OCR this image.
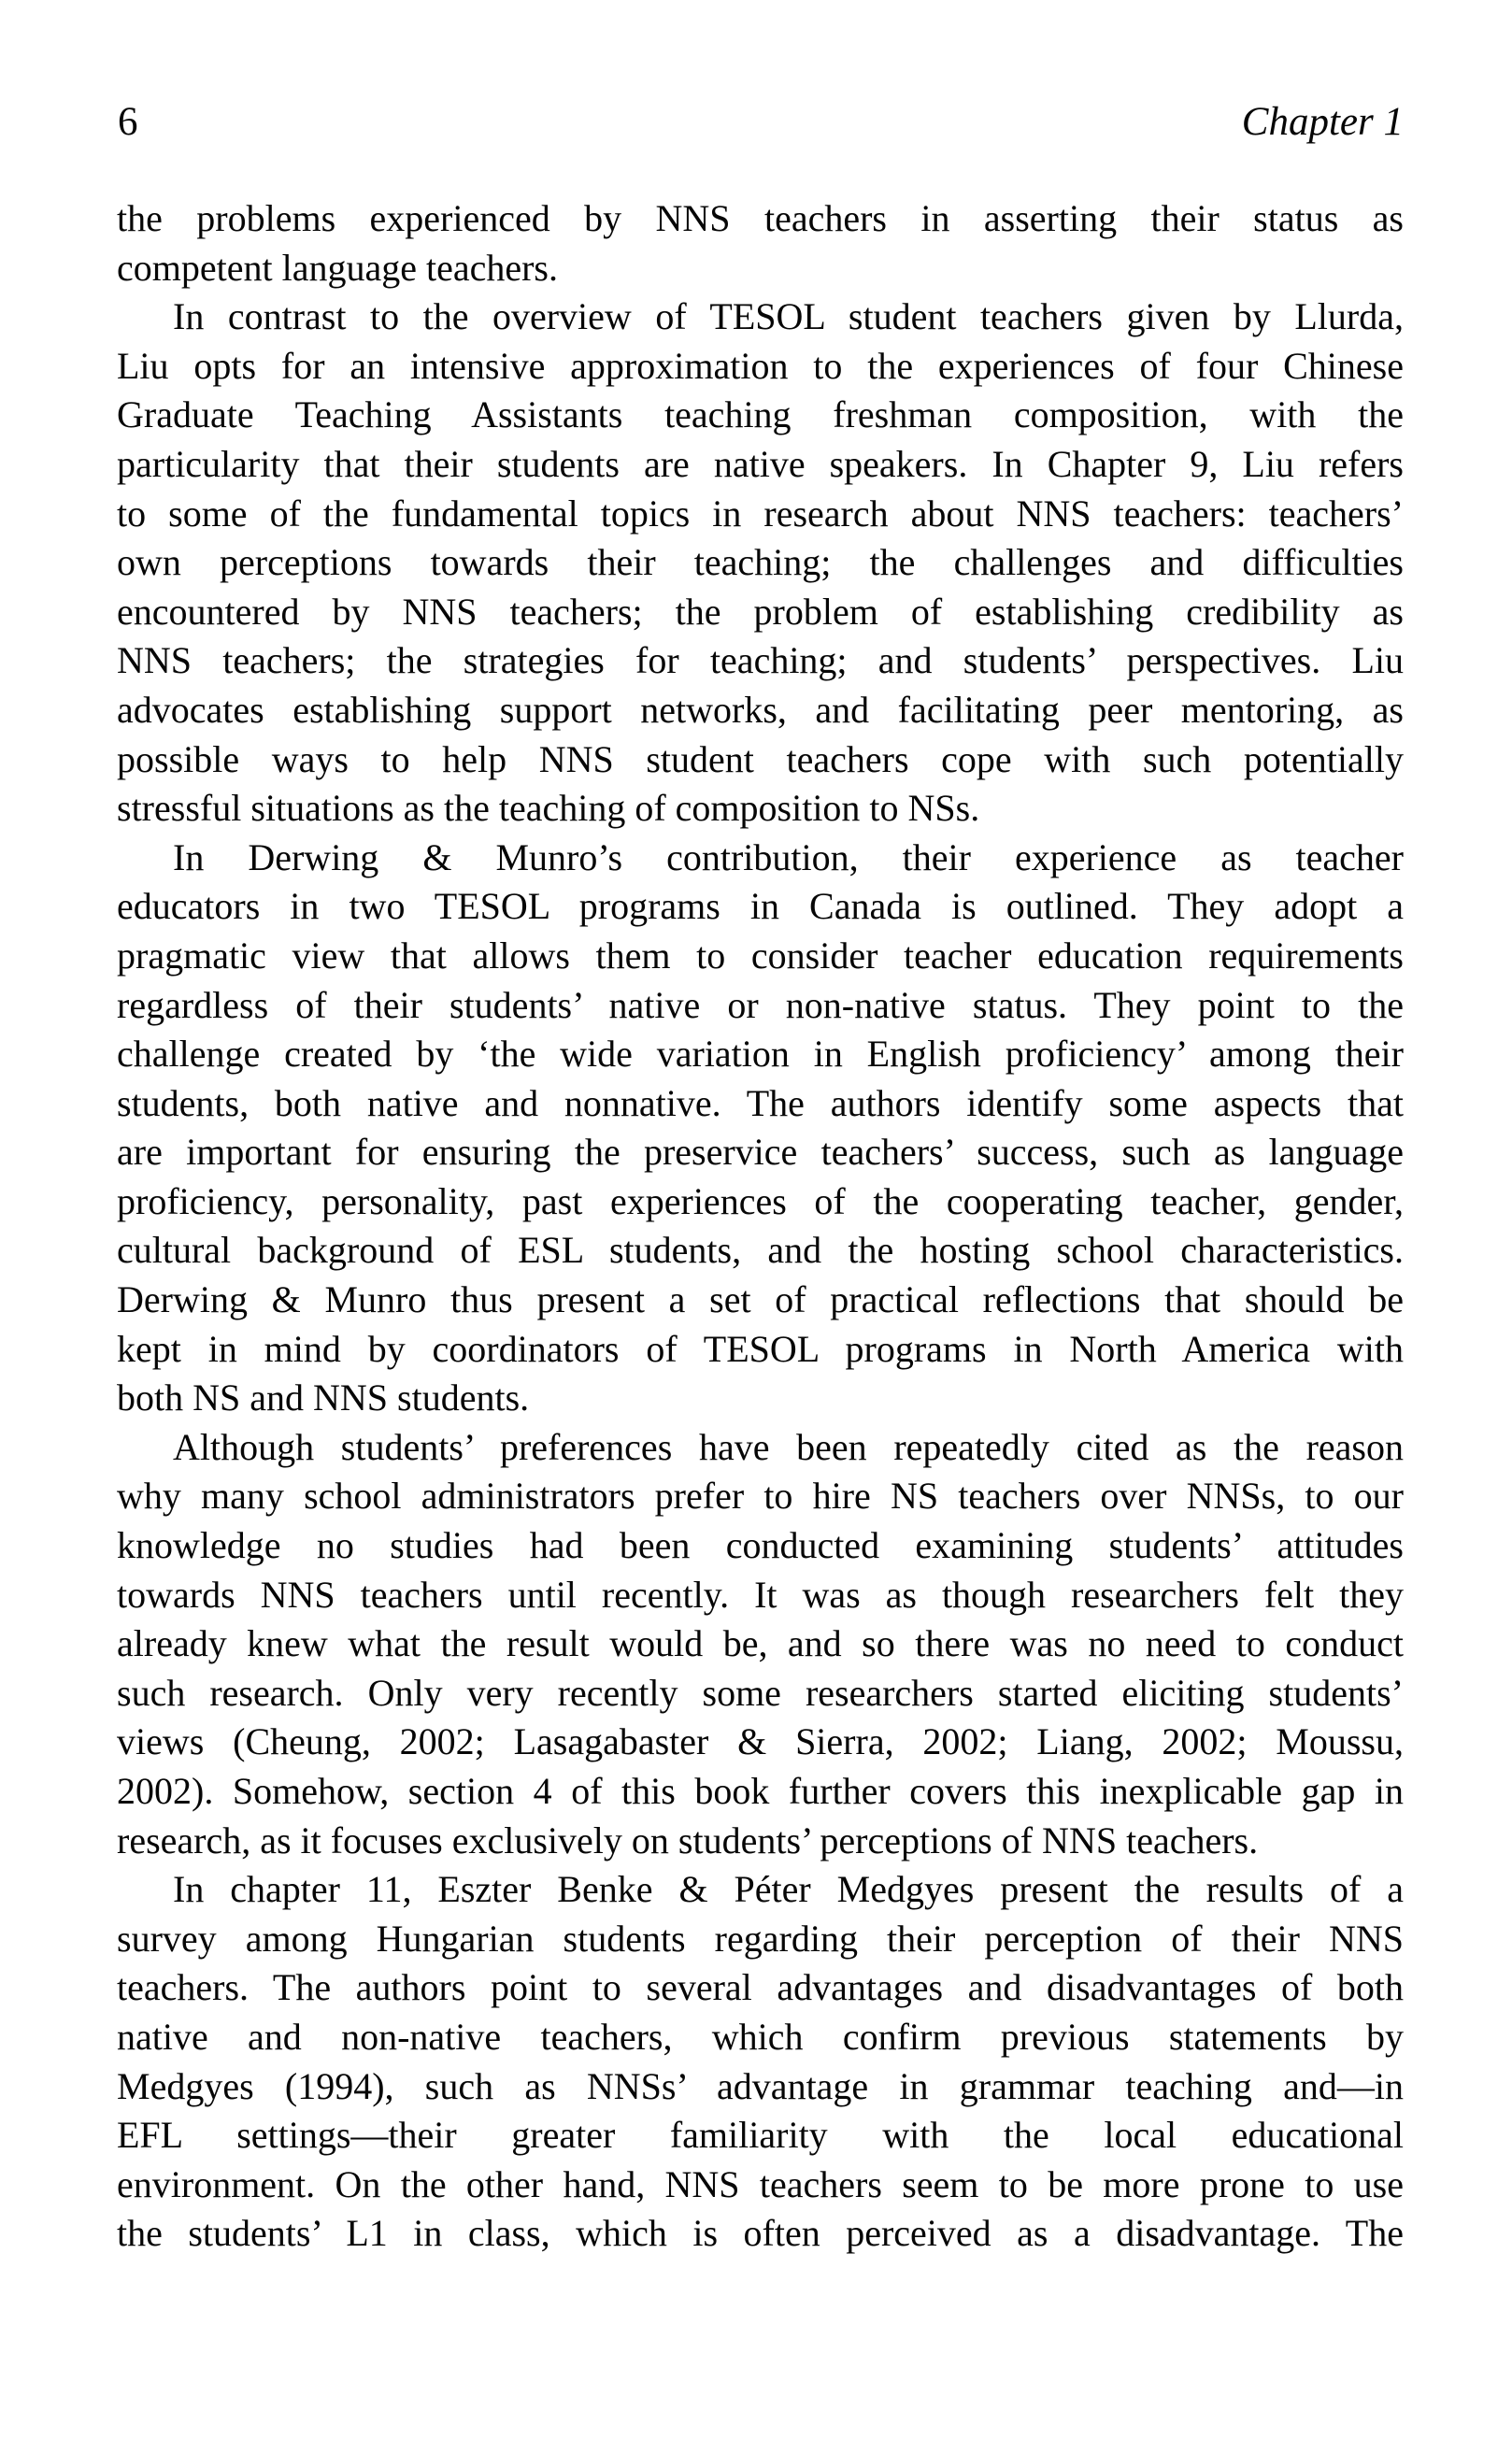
6	Chapter 1
the problems experienced by NNS teachers in asserting their status as
competent language teachers.
In contrast to the overview of TESOL student teachers given by Llurda,
Liu opts for an intensive approximation to the experiences of four Chinese
Graduate Teaching Assistants teaching freshman composition, with the
particularity that their students are native speakers. In Chapter 9, Liu refers
to some of the fundamental topics in research about NNS teachers: teachers’
own perceptions towards their teaching; the challenges and difficulties
encountered by NNS teachers; the problem of establishing credibility as
NNS teachers; the strategies for teaching; and students’ perspectives. Liu
advocates establishing support networks, and facilitating peer mentoring, as
possible ways to help NNS student teachers cope with such potentially
stressful situations as the teaching of composition to NSs.
In Derwing & Munro’s contribution, their experience as teacher
educators in two TESOL programs in Canada is outlined. They adopt a
pragmatic view that allows them to consider teacher education requirements
regardless of their students’ native or non-native status. They point to the
challenge created by ‘the wide variation in English proficiency’ among their
students, both native and nonnative. The authors identify some aspects that
are important for ensuring the preservice teachers’ success, such as language
proficiency, personality, past experiences of the cooperating teacher, gender,
cultural background of ESL students, and the hosting school characteristics.
Derwing & Munro thus present a set of practical reflections that should be
kept in mind by coordinators of TESOL programs in North America with
both NS and NNS students.
Although students’ preferences have been repeatedly cited as the reason
why many school administrators prefer to hire NS teachers over NNSs, to our
knowledge no studies had been conducted examining students’ attitudes
towards NNS teachers until recently. It was as though researchers felt they
already knew what the result would be, and so there was no need to conduct
such research. Only very recently some researchers started eliciting students’
views (Cheung, 2002; Lasagabaster & Sierra, 2002; Liang, 2002; Moussu,
2002). Somehow, section 4 of this book further covers this inexplicable gap in
research, as it focuses exclusively on students’ perceptions of NNS teachers.
In chapter 11, Eszter Benke & Péter Medgyes present the results of a
survey among Hungarian students regarding their perception of their NNS
teachers. The authors point to several advantages and disadvantages of both
native and non-native teachers, which confirm previous statements by
Medgyes (1994), such as NNSs’ advantage in grammar teaching and—in
EFL settings—their greater familiarity with the local educational
environment. On the other hand, NNS teachers seem to be more prone to use
the students’ L1 in class, which is often perceived as a disadvantage. The
